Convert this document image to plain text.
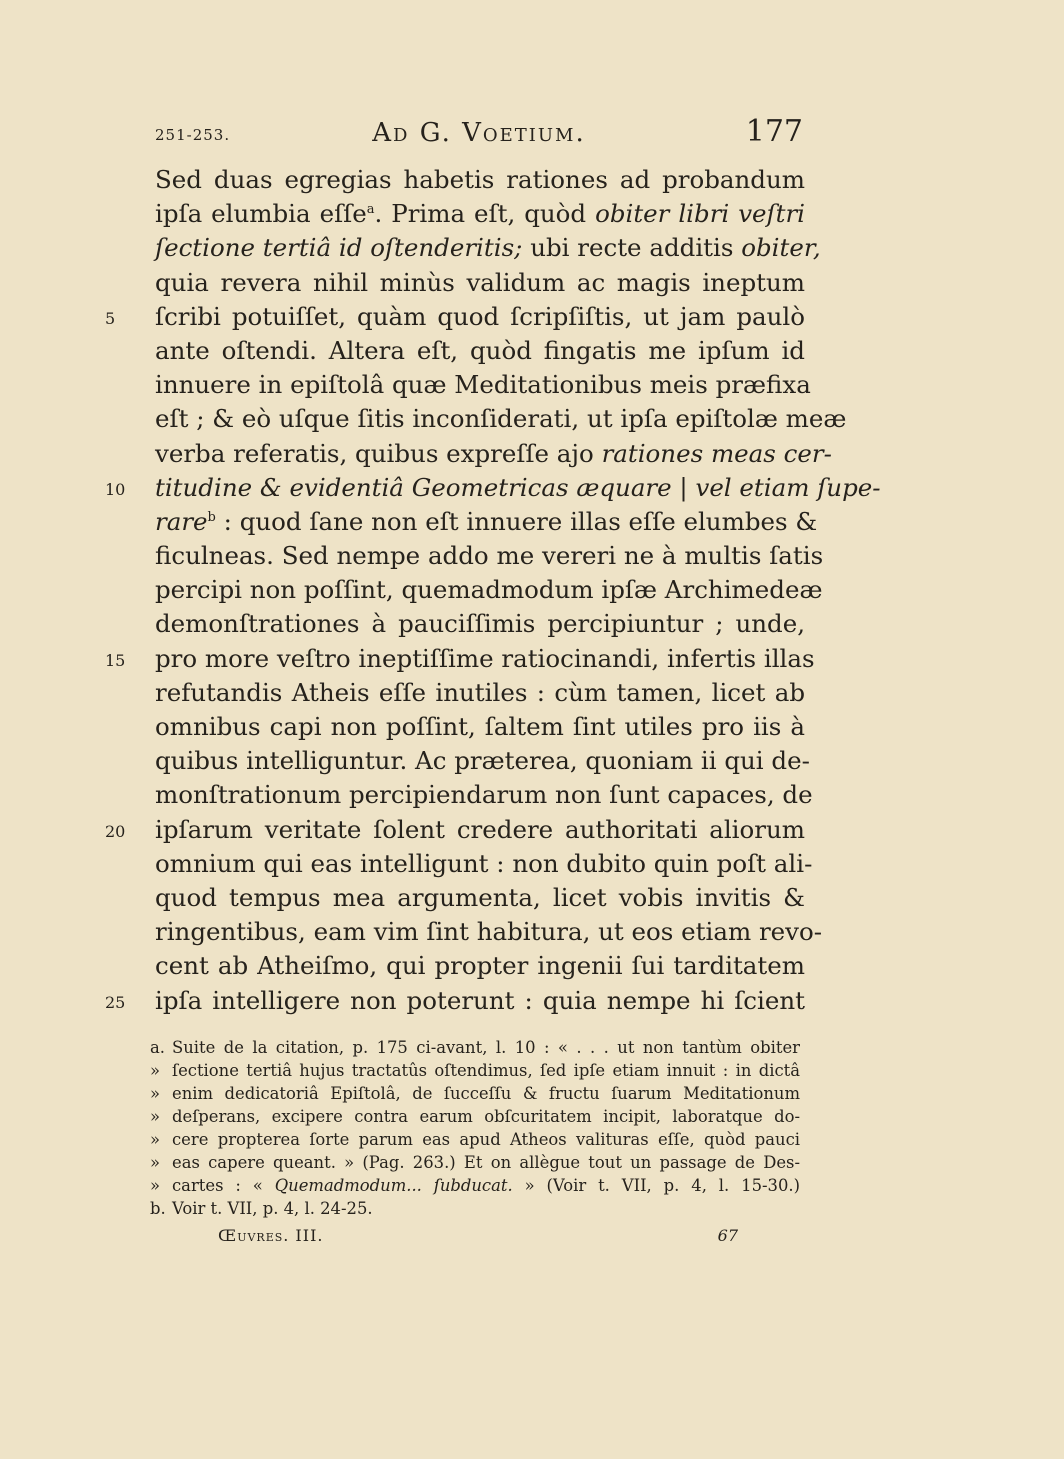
251-253.	Ad G. Voetium.	177
Sed duas egregias habetis rationes ad probandum
ipſa elumbia eſſe$^a$. Prima eſt, quòd obiter libri veſtri
ſectione tertiâ id oſtenderitis; ubi recte additis obiter,
quia revera nihil minùs validum ac magis ineptum
5	ſcribi potuiſſet, quàm quod ſcripſiſtis, ut jam paulò
ante oſtendi. Altera eſt, quòd fingatis me ipſum id
innuere in epiſtolâ quæ Meditationibus meis præfixa
eſt ; & eò uſque ſitis inconſiderati, ut ipſa epiſtolæ meæ
verba referatis, quibus expreſſe ajo rationes meas cer-
10	titudine & evidentiâ Geometricas æquare | vel etiam ſupe-
rare$^b$ : quod ſane non eſt innuere illas eſſe elumbes &
ficulneas. Sed nempe addo me vereri ne à multis ſatis
percipi non poſſint, quemadmodum ipſæ Archimedeæ
demonſtrationes à pauciſſimis percipiuntur ; unde,
15	pro more veſtro ineptiſſime ratiocinandi, infertis illas
refutandis Atheis eſſe inutiles : cùm tamen, licet ab
omnibus capi non poſſint, ſaltem ſint utiles pro iis à
quibus intelliguntur. Ac præterea, quoniam ii qui de-
monſtrationum percipiendarum non ſunt capaces, de
20	ipſarum veritate ſolent credere authoritati aliorum
omnium qui eas intelligunt : non dubito quin poſt ali-
quod tempus mea argumenta, licet vobis invitis &
ringentibus, eam vim ſint habitura, ut eos etiam revo-
cent ab Atheiſmo, qui propter ingenii ſui tarditatem
25	ipſa intelligere non poterunt : quia nempe hi ſcient
a. Suite de la citation, p. 175 ci-avant, l. 10 : « . . . ut non tantùm obiter
» ſectione tertiâ hujus tractatûs oſtendimus, ſed ipſe etiam innuit : in dictâ
» enim dedicatoriâ Epiſtolâ, de ſucceſſu & fructu ſuarum Meditationum
» deſperans, excipere contra earum obſcuritatem incipit, laboratque do-
» cere propterea ſorte parum eas apud Atheos valituras eſſe, quòd pauci
» eas capere queant. » (Pag. 263.) Et on allègue tout un passage de Des-
» cartes : « Quemadmodum... ſubducat. » (Voir t. VII, p. 4, l. 15-30.)
b. Voir t. VII, p. 4, l. 24-25.
Œuvres. III.	67
